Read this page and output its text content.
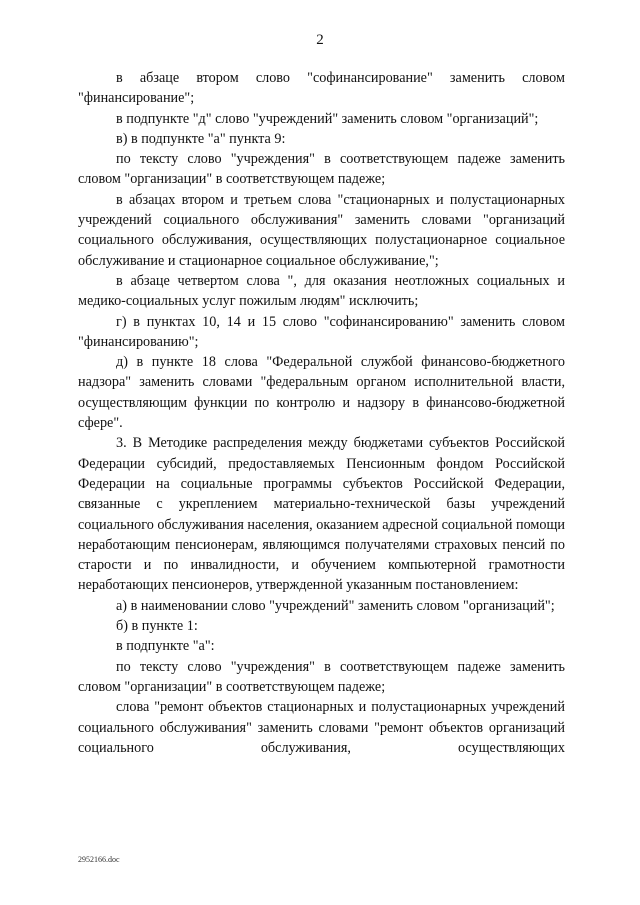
2

в абзаце втором слово "софинансирование" заменить словом "финансирование";

в подпункте "д" слово "учреждений" заменить словом "организаций";

в) в подпункте "а" пункта 9:

по тексту слово "учреждения" в соответствующем падеже заменить словом "организации" в соответствующем падеже;

в абзацах втором и третьем слова "стационарных и полустационарных учреждений социального обслуживания" заменить словами "организаций социального обслуживания, осуществляющих полустационарное социальное обслуживание и стационарное социальное обслуживание,";

в абзаце четвертом слова ", для оказания неотложных социальных и медико-социальных услуг пожилым людям" исключить;

г) в пунктах 10, 14 и 15 слово "софинансированию" заменить словом "финансированию";

д) в пункте 18 слова "Федеральной службой финансово-бюджетного надзора" заменить словами "федеральным органом исполнительной власти, осуществляющим функции по контролю и надзору в финансово-бюджетной сфере".

3. В Методике распределения между бюджетами субъектов Российской Федерации субсидий, предоставляемых Пенсионным фондом Российской Федерации на социальные программы субъектов Российской Федерации, связанные с укреплением материально-технической базы учреждений социального обслуживания населения, оказанием адресной социальной помощи неработающим пенсионерам, являющимся получателями страховых пенсий по старости и по инвалидности, и обучением компьютерной грамотности неработающих пенсионеров, утвержденной указанным постановлением:

а) в наименовании слово "учреждений" заменить словом "организаций";

б) в пункте 1:

в подпункте "а":

по тексту слово "учреждения" в соответствующем падеже заменить словом "организации" в соответствующем падеже;

слова "ремонт объектов стационарных и полустационарных учреждений социального обслуживания" заменить словами "ремонт объектов организаций социального обслуживания, осуществляющих

2952166.doc
